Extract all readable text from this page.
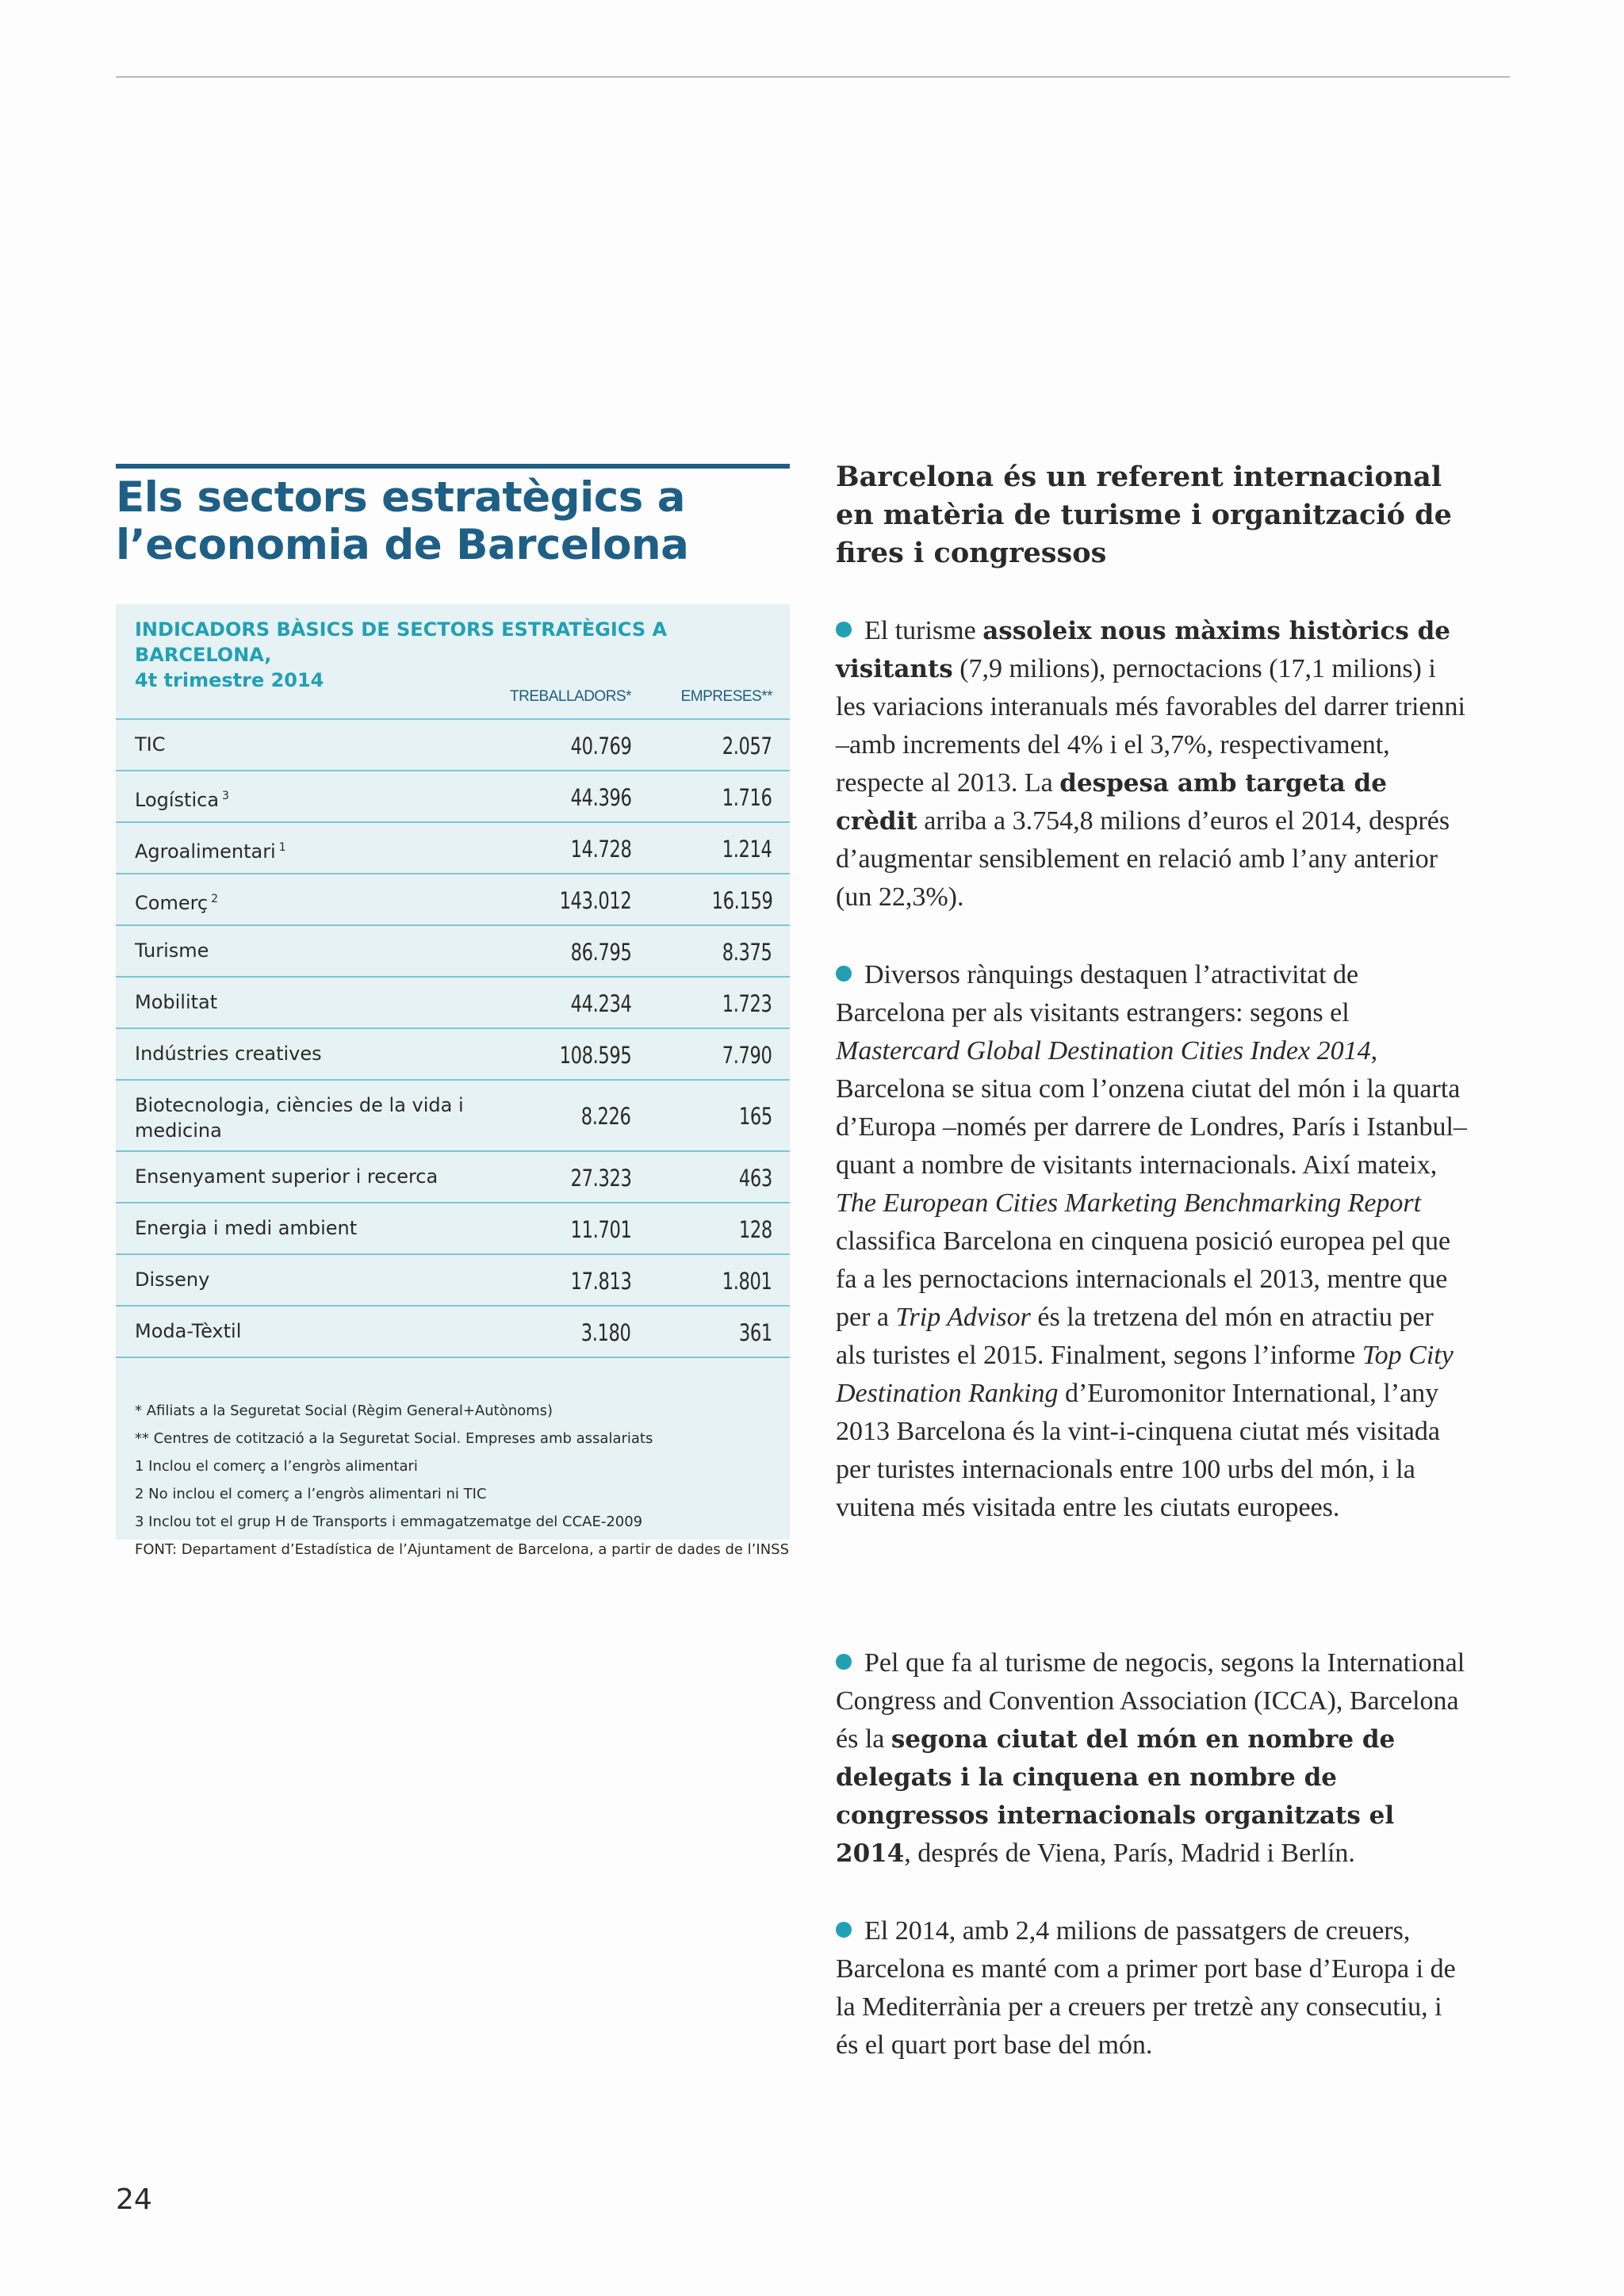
Els sectors estratègics a
l’economia de Barcelona
INDICADORS BÀSICS DE SECTORS ESTRATÈGICS A BARCELONA,
4t trimestre 2014
TREBALLADORS*	EMPRESES**
TIC	40.769	2.057
Logística $^3$	44.396	1.716
Agroalimentari $^1$	14.728	1.214
Comerç $^2$	143.012	16.159
Turisme	86.795	8.375
Mobilitat	44.234	1.723
Indústries creatives	108.595	7.790
Biotecnologia, ciències de la vida i medicina
8.226	165
Ensenyament superior i recerca	27.323	463
Energia i medi ambient	11.701	128
Disseny	17.813	1.801
Moda-Tèxtil	3.180	361
* Afiliats a la Seguretat Social (Règim General+Autònoms)
** Centres de cotització a la Seguretat Social. Empreses amb assalariats
1 Inclou el comerç a l’engròs alimentari
2 No inclou el comerç a l’engròs alimentari ni TIC
3 Inclou tot el grup H de Transports i emmagatzematge del CCAE-2009
FONT: Departament d’Estadística de l’Ajuntament de Barcelona, a partir de dades de l’INSS
Barcelona és un referent internacional en matèria de turisme i organització de fires i congressos

El turisme assoleix nous màxims històrics de visitants (7,9 milions), pernoctacions (17,1 milions) i les variacions interanuals més favorables del darrer trienni –amb increments del 4% i el 3,7%, respectivament, respecte al 2013. La despesa amb targeta de crèdit arriba a 3.754,8 milions d’euros el 2014, després d’augmentar sensiblement en relació amb l’any anterior (un 22,3%).

Diversos rànquings destaquen l’atractivitat de Barcelona per als visitants estrangers: segons el Mastercard Global Destination Cities Index 2014, Barcelona se situa com l’onzena ciutat del món i la quarta d’Europa –només per darrere de Londres, París i Istanbul– quant a nombre de visitants internacionals. Així mateix, The European Cities Marketing Benchmarking Report classifica Barcelona en cinquena posició europea pel que fa a les pernoctacions internacionals el 2013, mentre que per a Trip Advisor és la tretzena del món en atractiu per als turistes el 2015. Finalment, segons l’informe Top City Destination Ranking d’Euromonitor International, l’any 2013 Barcelona és la vint-i-cinquena ciutat més visitada per turistes internacionals entre 100 urbs del món, i la vuitena més visitada entre les ciutats europees.

Pel que fa al turisme de negocis, segons la International Congress and Convention Association (ICCA), Barcelona és la segona ciutat del món en nombre de delegats i la cinquena en nombre de congressos internacionals organitzats el 2014, després de Viena, París, Madrid i Berlín.

El 2014, amb 2,4 milions de passatgers de creuers, Barcelona es manté com a primer port base d’Europa i de la Mediterrània per a creuers per tretzè any consecutiu, i és el quart port base del món.

24
